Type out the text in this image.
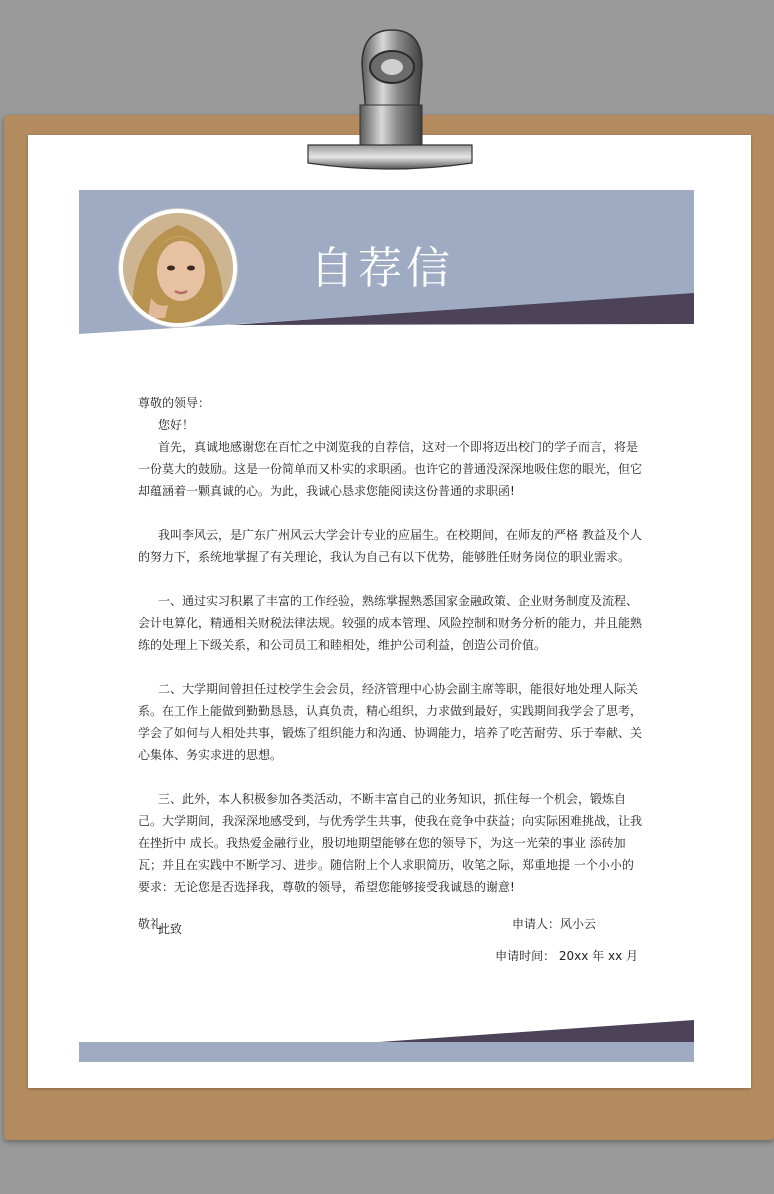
自荐信

尊敬的领导：

您好！

首先，真诚地感谢您在百忙之中浏览我的自荐信，这对一个即将迈出校门的学子而言，将是一份莫大的鼓励。这是一份简单而又朴实的求职函。也许它的普通没深深地吸住您的眼光，但它却蕴涵着一颗真诚的心。为此，我诚心恳求您能阅读这份普通的求职函!

我叫李风云，是广东广州风云大学会计专业的应届生。在校期间，在师友的严格 教益及个人的努力下，系统地掌握了有关理论，我认为自己有以下优势，能够胜任财务岗位的职业需求。

一、通过实习积累了丰富的工作经验，熟练掌握熟悉国家金融政策、企业财务制度及流程、会计电算化，精通相关财税法律法规。较强的成本管理、风险控制和财务分析的能力，并且能熟练的处理上下级关系，和公司员工和睦相处，维护公司利益，创造公司价值。

二、大学期间曾担任过校学生会会员，经济管理中心协会副主席等职，能很好地处理人际关系。在工作上能做到勤勤恳恳，认真负责，精心组织，力求做到最好，实践期间我学会了思考，学会了如何与人相处共事，锻炼了组织能力和沟通、协调能力，培养了吃苦耐劳、乐于奉献、关心集体、务实求进的思想。

三、此外，本人积极参加各类活动，不断丰富自己的业务知识，抓住每一个机会，锻炼自己。大学期间，我深深地感受到，与优秀学生共事，使我在竞争中获益；向实际困难挑战，让我在挫折中 成长。我热爱金融行业，殷切地期望能够在您的领导下，为这一光荣的事业 添砖加瓦；并且在实践中不断学习、进步。随信附上个人求职简历，收笔之际，郑重地提 一个小小的要求：无论您是否选择我，尊敬的领导，希望您能够接受我诚恳的谢意!

此致

敬礼	申请人：风小云
申请时间： 20xx 年 xx 月
